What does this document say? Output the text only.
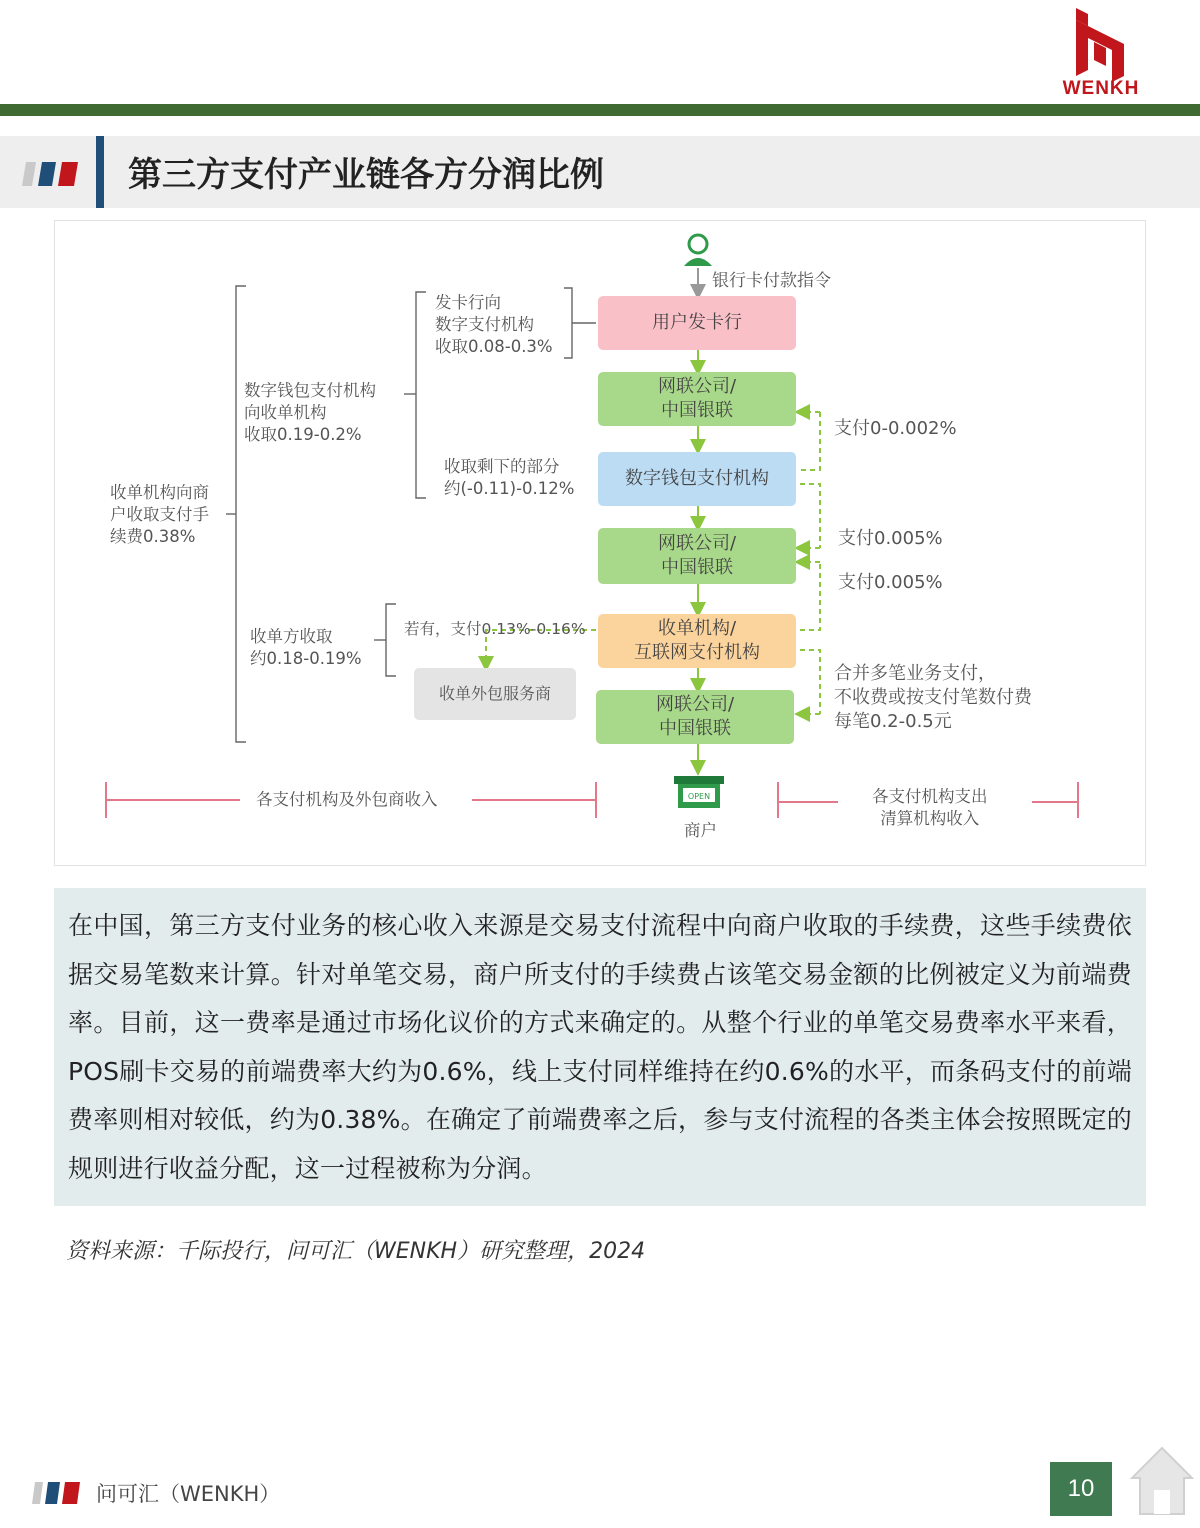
WENKH
第三方支付产业链各方分润比例
OPEN
银行卡付款指令
用户发卡行
网联公司/
中国银联
数字钱包支付机构
网联公司/
中国银联
收单机构/
互联网支付机构
网联公司/
中国银联
收单外包服务商
收单机构向商
户收取支付手
续费0.38%
数字钱包支付机构
向收单机构
收取0.19-0.2%
发卡行向
数字支付机构
收取0.08-0.3%
收取剩下的部分
约(-0.11)-0.12%
收单方收取
约0.18-0.19%
若有，支付0.13%-0.16%
支付0-0.002%
支付0.005%
支付0.005%
合并多笔业务支付，
不收费或按支付笔数付费
每笔0.2-0.5元
商户
各支付机构及外包商收入	各支付机构支出
清算机构收入
在中国，第三方支付业务的核心收入来源是交易支付流程中向商户收取的手续费，这些手续费依据交易笔数来计算。针对单笔交易，商户所支付的手续费占该笔交易金额的比例被定义为前端费率。目前，这一费率是通过市场化议价的方式来确定的。从整个行业的单笔交易费率水平来看，POS刷卡交易的前端费率大约为0.6%，线上支付同样维持在约0.6%的水平，而条码支付的前端费率则相对较低，约为0.38%。在确定了前端费率之后，参与支付流程的各类主体会按照既定的规则进行收益分配，这一过程被称为分润。
资料来源：千际投行，问可汇（WENKH）研究整理，2024
问可汇（WENKH）	10
